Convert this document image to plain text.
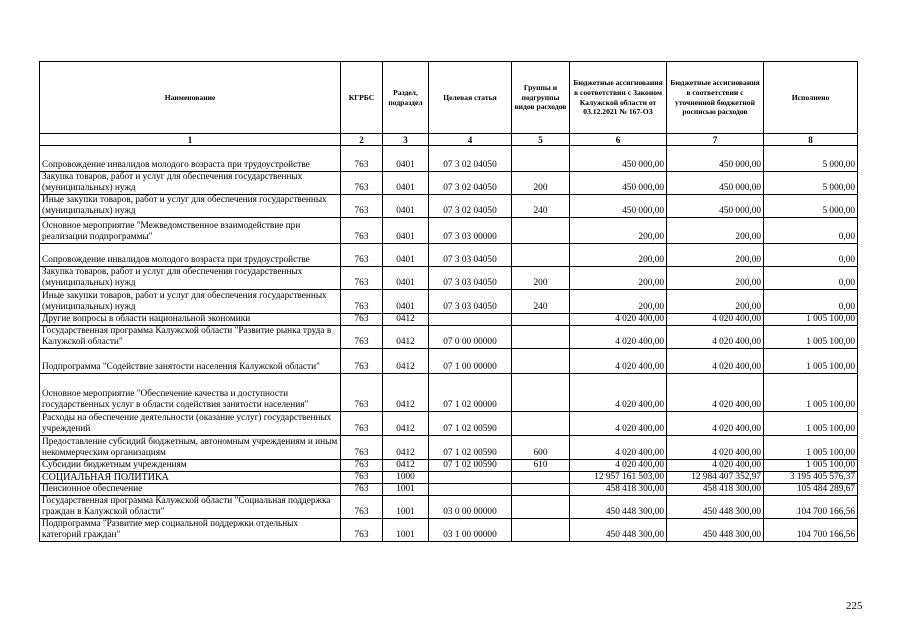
Наименование	КГРБС	Раздел, подраздел	Целевая статья	Группы и подгруппы видов расходов	Бюджетные ассигнования в соответствии с Законом Калужской области от 03.12.2021 № 167-ОЗ	Бюджетные ассигнования в соответствии с уточненной бюджетной росписью расходов	Исполнено
1	2	3	4	5	6	7	8
Сопровождение инвалидов молодого возраста при трудоустройстве	763	0401	07 3 02 04050		450 000,00	450 000,00	5 000,00
Закупка товаров, работ и услуг для обеспечения государственных (муниципальных) нужд	763	0401	07 3 02 04050	200	450 000,00	450 000,00	5 000,00
Иные закупки товаров, работ и услуг для обеспечения государственных (муниципальных) нужд	763	0401	07 3 02 04050	240	450 000,00	450 000,00	5 000,00
Основное мероприятие "Межведомственное взаимодействие при реализации подпрограммы"	763	0401	07 3 03 00000		200,00	200,00	0,00
Сопровождение инвалидов молодого возраста при трудоустройстве	763	0401	07 3 03 04050		200,00	200,00	0,00
Закупка товаров, работ и услуг для обеспечения государственных (муниципальных) нужд	763	0401	07 3 03 04050	200	200,00	200,00	0,00
Иные закупки товаров, работ и услуг для обеспечения государственных (муниципальных) нужд	763	0401	07 3 03 04050	240	200,00	200,00	0,00
Другие вопросы в области национальной экономики	763	0412			4 020 400,00	4 020 400,00	1 005 100,00
Государственная программа Калужской области "Развитие рынка труда в Калужской области"	763	0412	07 0 00 00000		4 020 400,00	4 020 400,00	1 005 100,00
Подпрограмма "Содействие занятости населения Калужской области"	763	0412	07 1 00 00000		4 020 400,00	4 020 400,00	1 005 100,00
Основное мероприятие "Обеспечение качества и доступности государственных услуг в области содействия занятости населения"	763	0412	07 1 02 00000		4 020 400,00	4 020 400,00	1 005 100,00
Расходы на обеспечение деятельности (оказание услуг) государственных учреждений	763	0412	07 1 02 00590		4 020 400,00	4 020 400,00	1 005 100,00
Предоставление субсидий бюджетным, автономным учреждениям и иным некоммерческим организациям	763	0412	07 1 02 00590	600	4 020 400,00	4 020 400,00	1 005 100,00
Субсидии бюджетным учреждениям	763	0412	07 1 02 00590	610	4 020 400,00	4 020 400,00	1 005 100,00
СОЦИАЛЬНАЯ ПОЛИТИКА	763	1000			12 957 161 503,00	12 984 407 352,97	3 195 405 576,37
Пенсионное обеспечение	763	1001			458 418 300,00	458 418 300,00	105 484 289,67
Государственная программа Калужской области "Социальная поддержка граждан в Калужской области"	763	1001	03 0 00 00000		450 448 300,00	450 448 300,00	104 700 166,56
Подпрограмма "Развитие мер социальной поддержки отдельных категорий граждан"	763	1001	03 1 00 00000		450 448 300,00	450 448 300,00	104 700 166,56
225
